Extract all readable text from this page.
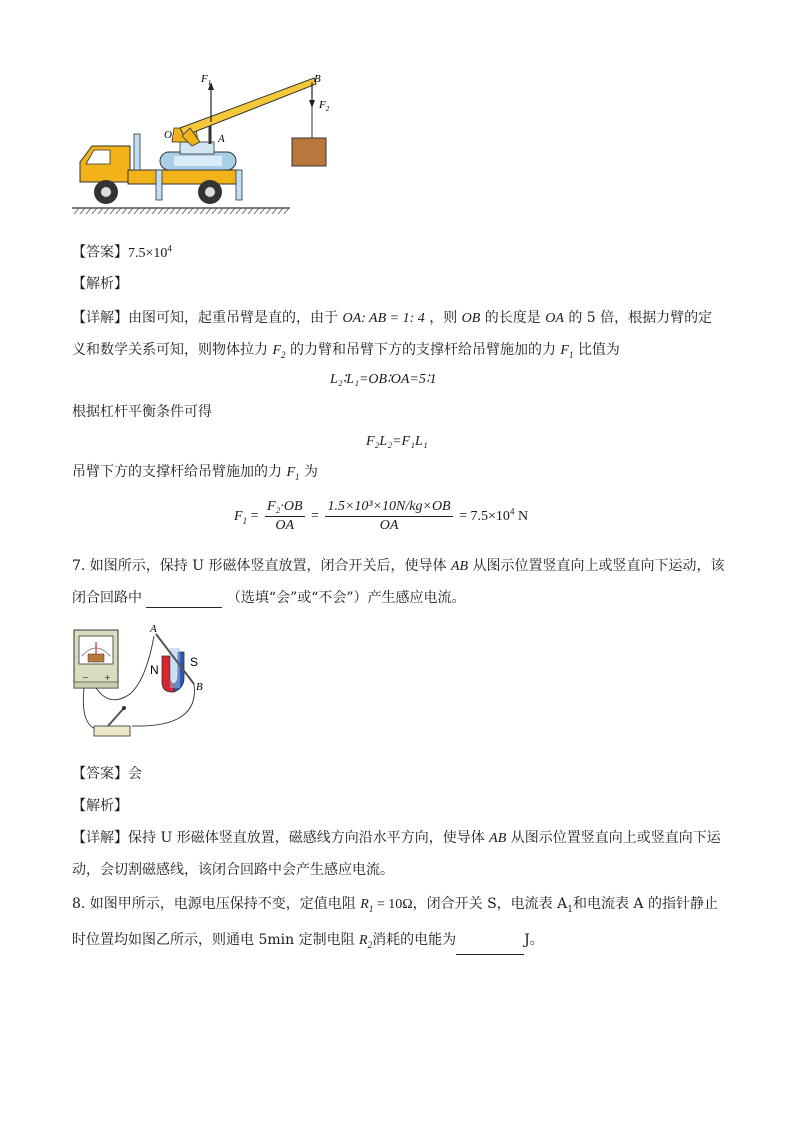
$F_1$	B
$F_2$
O	A
【答案】$7.5\times 10^4$
【解析】
【详解】由图可知，起重吊臂是直的，由于 OA: AB = 1: 4 ，则 OB 的长度是 OA 的 5 倍，根据力臂的定
义和数学关系可知，则物体拉力 $F_2$ 的力臂和吊臂下方的支撑杆给吊臂施加的力 $F_1$ 比值为
L₂∶L₁=OB∶OA=5∶1
根据杠杆平衡条件可得
F₂L₂=F₁L₁
吊臂下方的支撑杆给吊臂施加的力 $F_1$ 为
$F_1 = \frac{\text{F₂·OB}}{OA} = \frac{\text{1.5×10³×10N/kg×OB}}{OA} = 7.5\times 10^4$ N
7. 如图所示，保持 U 形磁体竖直放置，闭合开关后，使导体 AB 从图示位置竖直向上或竖直向下运动，该
闭合回路中	（选填“会”或“不会”）产生感应电流。
− +
A
B
N
S
【答案】会
【解析】
【详解】保持 U 形磁体竖直放置，磁感线方向沿水平方向，使导体 AB 从图示位置竖直向上或竖直向下运
动，会切割磁感线，该闭合回路中会产生感应电流。
8. 如图甲所示，电源电压保持不变，定值电阻 $R_1 = 10\Omega$，闭合开关 S，电流表 $A_1$和电流表 A 的指针静止
时位置均如图乙所示，则通电 5min 定制电阻 $R_2$消耗的电能为	J。
